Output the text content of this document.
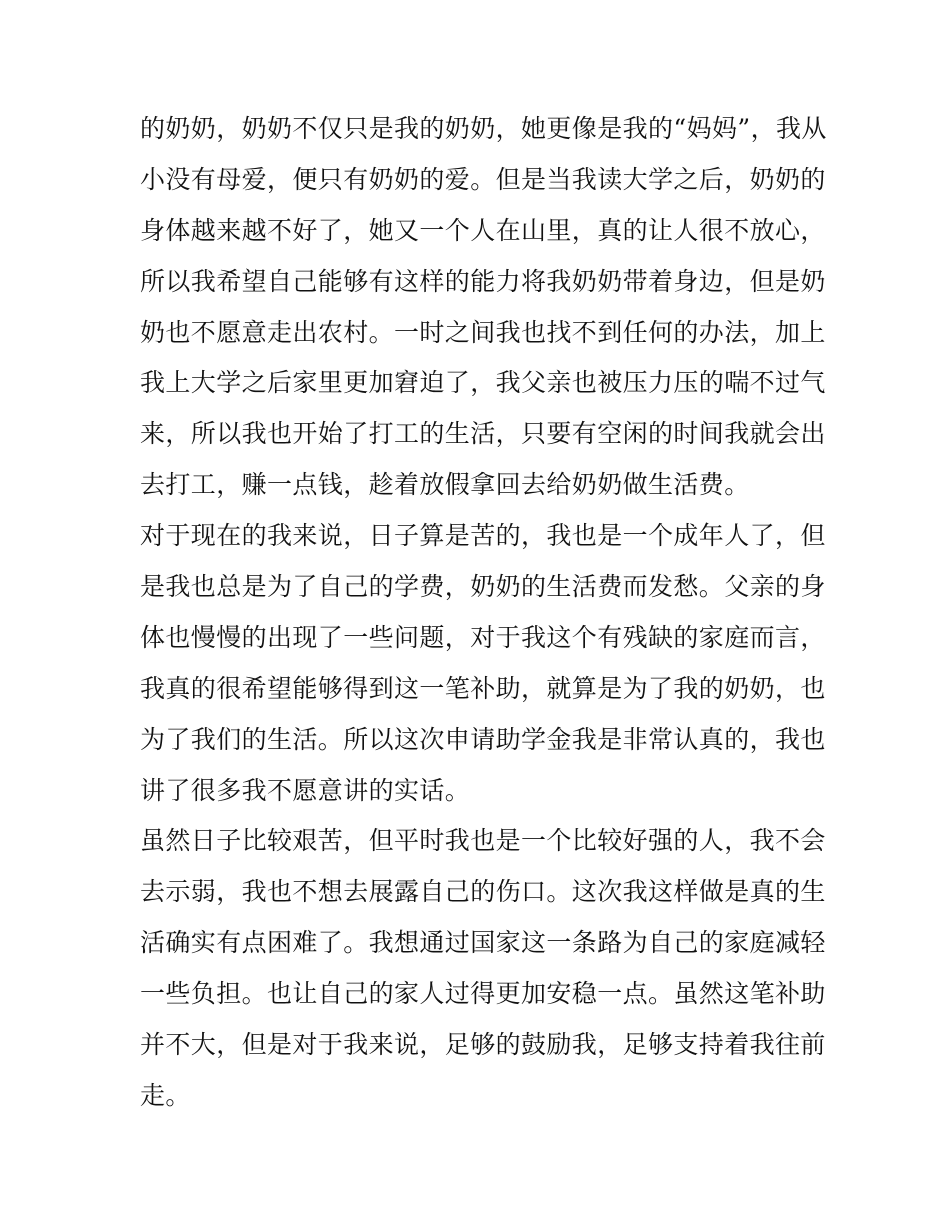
的奶奶，奶奶不仅只是我的奶奶，她更像是我的“妈妈”，我从
小没有母爱，便只有奶奶的爱。但是当我读大学之后，奶奶的
身体越来越不好了，她又一个人在山里，真的让人很不放心，
所以我希望自己能够有这样的能力将我奶奶带着身边，但是奶
奶也不愿意走出农村。一时之间我也找不到任何的办法，加上
我上大学之后家里更加窘迫了，我父亲也被压力压的喘不过气
来，所以我也开始了打工的生活，只要有空闲的时间我就会出
去打工，赚一点钱，趁着放假拿回去给奶奶做生活费。
对于现在的我来说，日子算是苦的，我也是一个成年人了，但
是我也总是为了自己的学费，奶奶的生活费而发愁。父亲的身
体也慢慢的出现了一些问题，对于我这个有残缺的家庭而言，
我真的很希望能够得到这一笔补助，就算是为了我的奶奶，也
为了我们的生活。所以这次申请助学金我是非常认真的，我也
讲了很多我不愿意讲的实话。
虽然日子比较艰苦，但平时我也是一个比较好强的人，我不会
去示弱，我也不想去展露自己的伤口。这次我这样做是真的生
活确实有点困难了。我想通过国家这一条路为自己的家庭减轻
一些负担。也让自己的家人过得更加安稳一点。虽然这笔补助
并不大，但是对于我来说，足够的鼓励我，足够支持着我往前
走。
